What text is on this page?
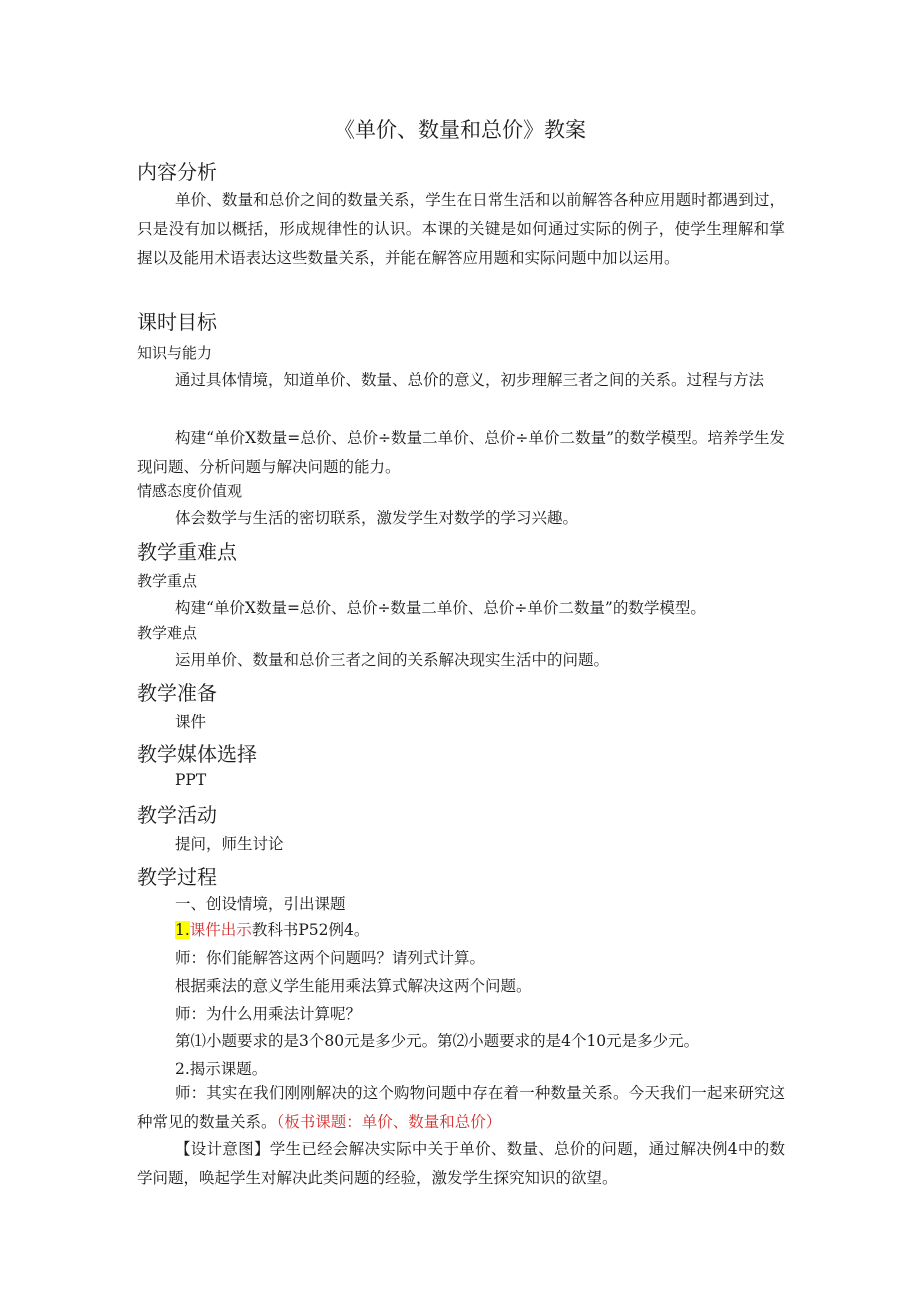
《单价、数量和总价》教案
内容分析
单价、数量和总价之间的数量关系，学生在日常生活和以前解答各种应用题时都遇到过，只是没有加以概括，形成规律性的认识。本课的关键是如何通过实际的例子，使学生理解和掌握以及能用术语表达这些数量关系，并能在解答应用题和实际问题中加以运用。
课时目标
知识与能力
通过具体情境，知道单价、数量、总价的意义，初步理解三者之间的关系。过程与方法
构建“单价X数量=总价、总价÷数量二单价、总价÷单价二数量”的数学模型。培养学生发现问题、分析问题与解决问题的能力。
情感态度价值观
体会数学与生活的密切联系，激发学生对数学的学习兴趣。
教学重难点
教学重点
构建“单价X数量=总价、总价÷数量二单价、总价÷单价二数量”的数学模型。
教学难点
运用单价、数量和总价三者之间的关系解决现实生活中的问题。
教学准备
课件
教学媒体选择
PPT
教学活动
提问，师生讨论
教学过程
一、创设情境，引出课题
1.课件出示教科书P52例4。
师：你们能解答这两个问题吗？请列式计算。
根据乘法的意义学生能用乘法算式解决这两个问题。
师：为什么用乘法计算呢？
第⑴小题要求的是3个80元是多少元。第⑵小题要求的是4个10元是多少元。
2.揭示课题。
师：其实在我们刚刚解决的这个购物问题中存在着一种数量关系。今天我们一起来研究这种常见的数量关系。（板书课题：单价、数量和总价）
【设计意图】学生已经会解决实际中关于单价、数量、总价的问题，通过解决例4中的数学问题，唤起学生对解决此类问题的经验，激发学生探究知识的欲望。
